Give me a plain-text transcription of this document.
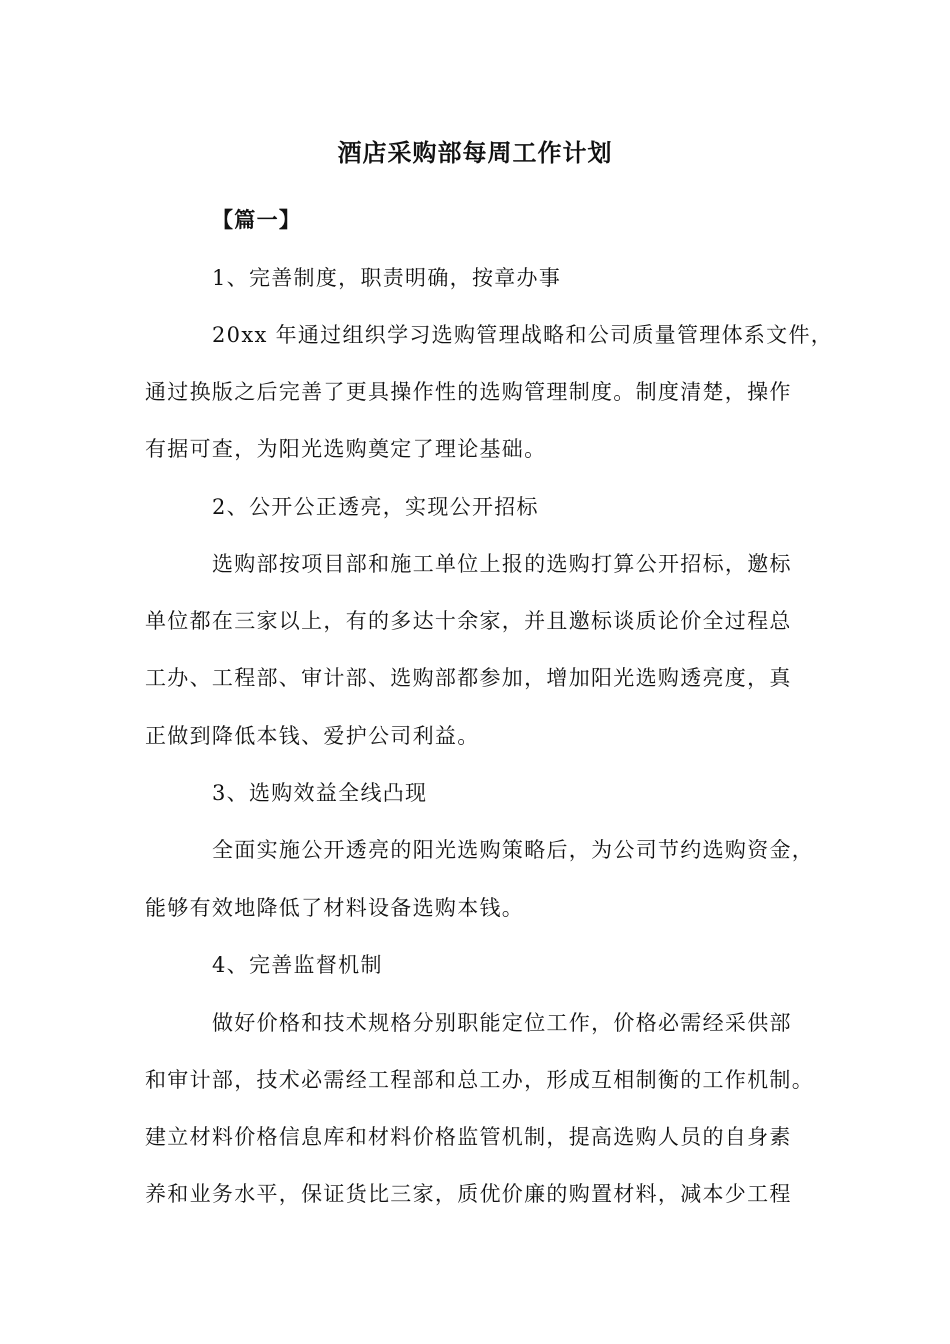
酒店采购部每周工作计划
【篇一】
1、完善制度，职责明确，按章办事
20xx 年通过组织学习选购管理战略和公司质量管理体系文件，
通过换版之后完善了更具操作性的选购管理制度。制度清楚，操作
有据可查，为阳光选购奠定了理论基础。
2、公开公正透亮，实现公开招标
选购部按项目部和施工单位上报的选购打算公开招标，邀标
单位都在三家以上，有的多达十余家，并且邀标谈质论价全过程总
工办、工程部、审计部、选购部都参加，增加阳光选购透亮度，真
正做到降低本钱、爱护公司利益。
3、选购效益全线凸现
全面实施公开透亮的阳光选购策略后，为公司节约选购资金，
能够有效地降低了材料设备选购本钱。
4、完善监督机制
做好价格和技术规格分别职能定位工作，价格必需经采供部
和审计部，技术必需经工程部和总工办，形成互相制衡的工作机制。
建立材料价格信息库和材料价格监管机制，提高选购人员的自身素
养和业务水平，保证货比三家，质优价廉的购置材料，减本少工程
